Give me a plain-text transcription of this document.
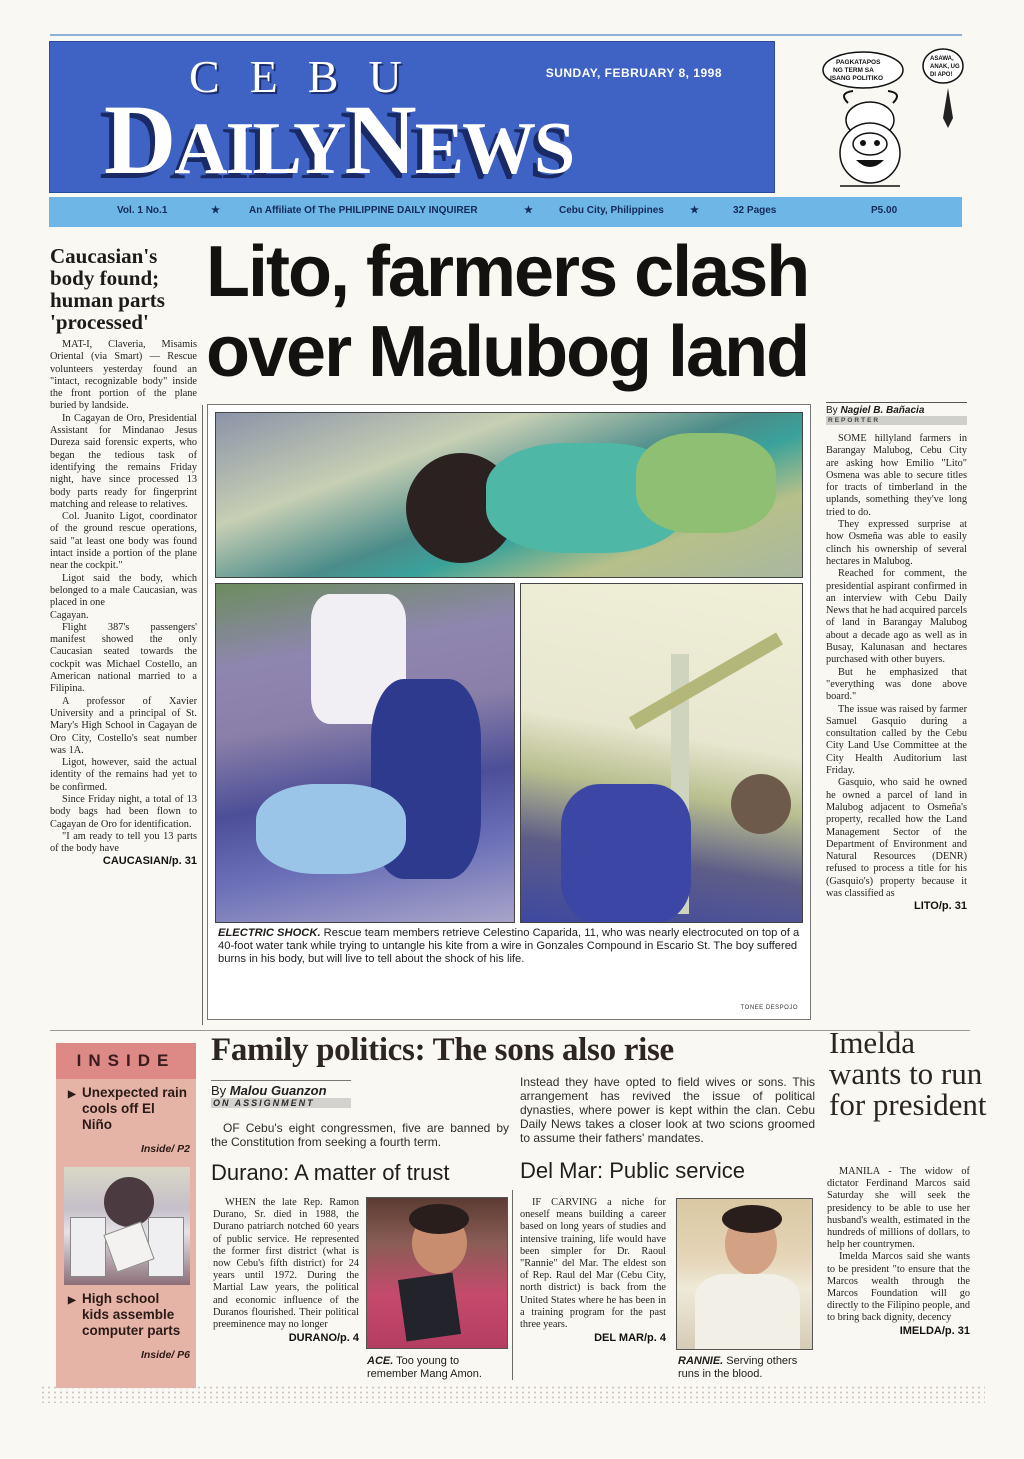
CEBU
DAILYNEWS
SUNDAY, FEBRUARY 8, 1998
PAGKATAPOS
NG TERM SA
ISANG POLITIKO
ASAWA,
ANAK, UG
DI APO!
Vol. 1 No.1	★	An Affiliate Of The PHILIPPINE DAILY INQUIRER	★	Cebu City, Philippines	★	32 Pages	P5.00
Caucasian's body found; human parts 'processed'

MAT-I, Claveria, Misamis Oriental (via Smart) — Rescue volunteers yesterday found an "intact, recognizable body" inside the front portion of the plane buried by landside.

In Cagayan de Oro, Presidential Assistant for Mindanao Jesus Dureza said forensic experts, who began the tedious task of identifying the remains Friday night, have since processed 13 body parts ready for fingerprint matching and release to relatives.

Col. Juanito Ligot, coordinator of the ground rescue operations, said "at least one body was found intact inside a portion of the plane near the cockpit."

Ligot said the body, which belonged to a male Caucasian, was placed in one

Cagayan.

Flight 387's passengers' manifest showed the only Caucasian seated towards the cockpit was Michael Costello, an American national married to a Filipina.

A professor of Xavier University and a principal of St. Mary's High School in Cagayan de Oro City, Costello's seat number was 1A.

Ligot, however, said the actual identity of the remains had yet to be confirmed.

Since Friday night, a total of 13 body bags had been flown to Cagayan de Oro for identification.

"I am ready to tell you 13 parts of the body have

CAUCASIAN/p. 31
Lito, farmers clash
over Malubog land
ELECTRIC SHOCK. Rescue team members retrieve Celestino Caparida, 11, who was nearly electrocuted on top of a 40-foot water tank while trying to untangle his kite from a wire in Gonzales Compound in Escario St. The boy suffered burns in his body, but will live to tell about the shock of his life.
TONEE DESPOJO
By Nagiel B. Bañacia
REPORTER

SOME hillyland farmers in Barangay Malubog, Cebu City are asking how Emilio "Lito" Osmena was able to secure titles for tracts of timberland in the uplands, something they've long tried to do.

They expressed surprise at how Osmeña was able to easily clinch his ownership of several hectares in Malubog.

Reached for comment, the presidential aspirant confirmed in an interview with Cebu Daily News that he had acquired parcels of land in Barangay Malubog about a decade ago as well as in Busay, Kalunasan and hectares purchased with other buyers.

But he emphasized that "everything was done above board."

The issue was raised by farmer Samuel Gasquio during a consultation called by the Cebu City Land Use Committee at the City Health Auditorium last Friday.

Gasquio, who said he owned he owned a parcel of land in Malubog adjacent to Osmeña's property, recalled how the Land Management Sector of the Department of Environment and Natural Resources (DENR) refused to process a title for his (Gasquio's) property because it was classified as

LITO/p. 31
INSIDE
▶ Unexpected rain cools off El Niño
Inside/ P2
▶ High school kids assemble computer parts
Inside/ P6
Family politics: The sons also rise
By Malou Guanzon
ON ASSIGNMENT

OF Cebu's eight congressmen, five are banned by the Constitution from seeking a fourth term.

Instead they have opted to field wives or sons. This arrangement has revived the issue of political dynasties, where power is kept within the clan. Cebu Daily News takes a closer look at two scions groomed to assume their fathers' mandates.
Durano: A matter of trust	Del Mar: Public service

WHEN the late Rep. Ramon Durano, Sr. died in 1988, the Durano patriarch notched 60 years of public service. He represented the former first district (what is now Cebu's fifth district) for 24 years until 1972. During the Martial Law years, the political and economic influence of the Duranos flourished. Their political preeminence may no longer

DURANO/p. 4
ACE. Too young to remember Mang Amon.

IF CARVING a niche for oneself means building a career based on long years of studies and intensive training, life would have been simpler for Dr. Raoul "Rannie" del Mar. The eldest son of Rep. Raul del Mar (Cebu City, north district) is back from the United States where he has been in a training program for the past three years.

DEL MAR/p. 4
RANNIE. Serving others runs in the blood.
Imelda wants to run for president

MANILA - The widow of dictator Ferdinand Marcos said Saturday she will seek the presidency to be able to use her husband's wealth, estimated in the hundreds of millions of dollars, to help her countrymen.

Imelda Marcos said she wants to be president "to ensure that the Marcos wealth through the Marcos Foundation will go directly to the Filipino people, and to bring back dignity, decency

IMELDA/p. 31
